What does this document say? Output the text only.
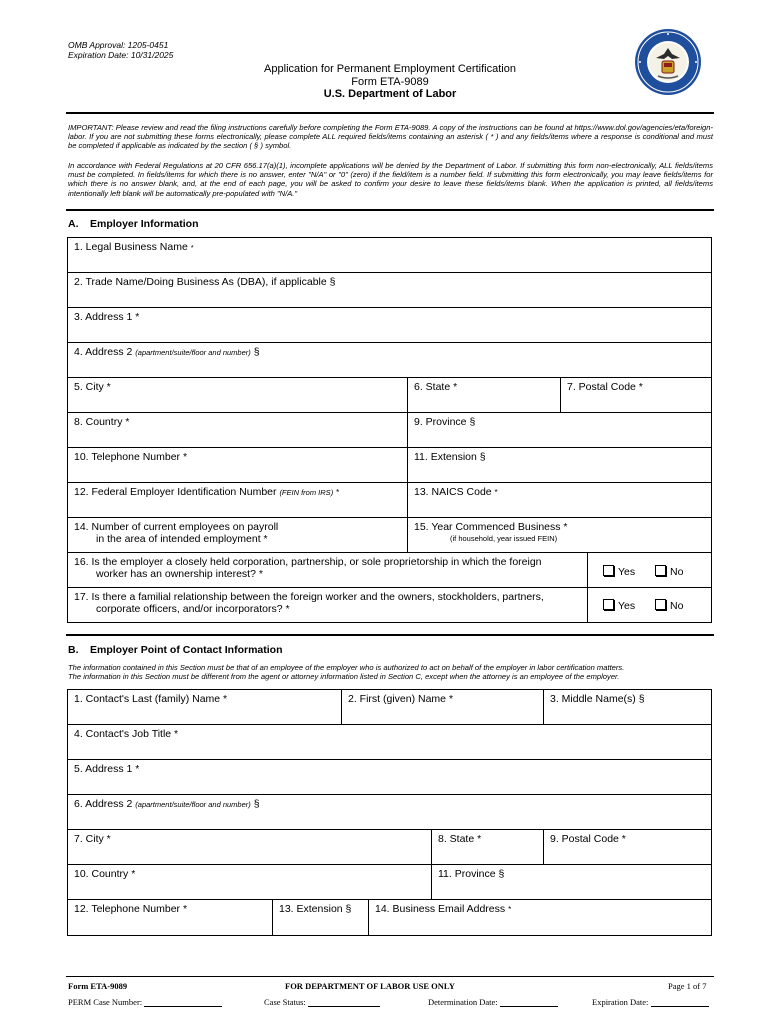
OMB Approval: 1205-0451
Expiration Date: 10/31/2025
Application for Permanent Employment Certification
Form ETA-9089
U.S. Department of Labor
IMPORTANT: Please review and read the filing instructions carefully before completing the Form ETA-9089. A copy of the instructions can be found at https://www.dol.gov/agencies/eta/foreign-labor. If you are not submitting these forms electronically, please complete ALL required fields/items containing an asterisk ( * ) and any fields/items where a response is conditional and must be completed if applicable as indicated by the section ( § ) symbol.
In accordance with Federal Regulations at 20 CFR 656.17(a)(1), incomplete applications will be denied by the Department of Labor. If submitting this form non-electronically, ALL fields/items must be completed. In fields/items for which there is no answer, enter "N/A" or "0" (zero) if the field/item is a number field. If submitting this form electronically, you may leave fields/items for which there is no answer blank, and, at the end of each page, you will be asked to confirm your desire to leave these fields/items blank. When the application is printed, all fields/items intentionally left blank will be automatically pre-populated with "N/A."
A. Employer Information
1. Legal Business Name *
2. Trade Name/Doing Business As (DBA), if applicable §
3. Address 1 *
4. Address 2 (apartment/suite/floor and number) §
5. City *	6. State *	7. Postal Code *
8. Country *	9. Province §
10. Telephone Number *	11. Extension §
12. Federal Employer Identification Number (FEIN from IRS) *	13. NAICS Code *
14. Number of current employees on payroll
in the area of intended employment *
15. Year Commenced Business *
(if household, year issued FEIN)
16. Is the employer a closely held corporation, partnership, or sole proprietorship in which the foreign
worker has an ownership interest? *	Yes	No
17. Is there a familial relationship between the foreign worker and the owners, stockholders, partners,
corporate officers, and/or incorporators? *	Yes	No
B. Employer Point of Contact Information
The information contained in this Section must be that of an employee of the employer who is authorized to act on behalf of the employer in labor certification matters.
The information in this Section must be different from the agent or attorney information listed in Section C, except when the attorney is an employee of the employer.
1. Contact's Last (family) Name *	2. First (given) Name *	3. Middle Name(s) §
4. Contact's Job Title *
5. Address 1 *
6. Address 2 (apartment/suite/floor and number) §
7. City *	8. State *	9. Postal Code *
10. Country *	11. Province §
12. Telephone Number *	13. Extension §	14. Business Email Address *
Form ETA-9089	FOR DEPARTMENT OF LABOR USE ONLY	Page 1 of 7
PERM Case Number:	Case Status:	Determination Date:	Expiration Date:
